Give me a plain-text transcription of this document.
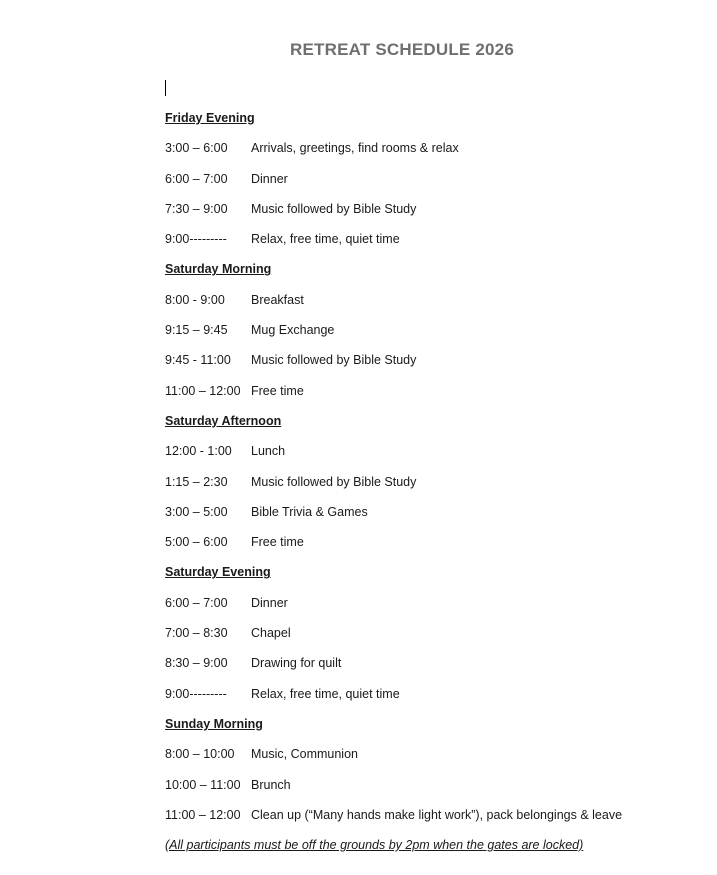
RETREAT SCHEDULE 2026
Friday Evening
3:00 – 6:00	Arrivals, greetings, find rooms & relax
6:00 – 7:00	Dinner
7:30 – 9:00	Music followed by Bible Study
9:00---------	Relax, free time, quiet time
Saturday Morning
8:00 - 9:00	Breakfast
9:15 – 9:45	Mug Exchange
9:45 - 11:00	Music followed by Bible Study
11:00 – 12:00 Free time
Saturday Afternoon
12:00 - 1:00	Lunch
1:15 – 2:30	Music followed by Bible Study
3:00 – 5:00	Bible Trivia & Games
5:00 – 6:00	Free time
Saturday Evening
6:00 – 7:00	Dinner
7:00 – 8:30	Chapel
8:30 – 9:00	Drawing for quilt
9:00---------	Relax, free time, quiet time
Sunday Morning
8:00 – 10:00	Music, Communion
10:00 – 11:00 Brunch
11:00 – 12:00 Clean up (“Many hands make light work”), pack belongings & leave
(All participants must be off the grounds by 2pm when the gates are locked)
